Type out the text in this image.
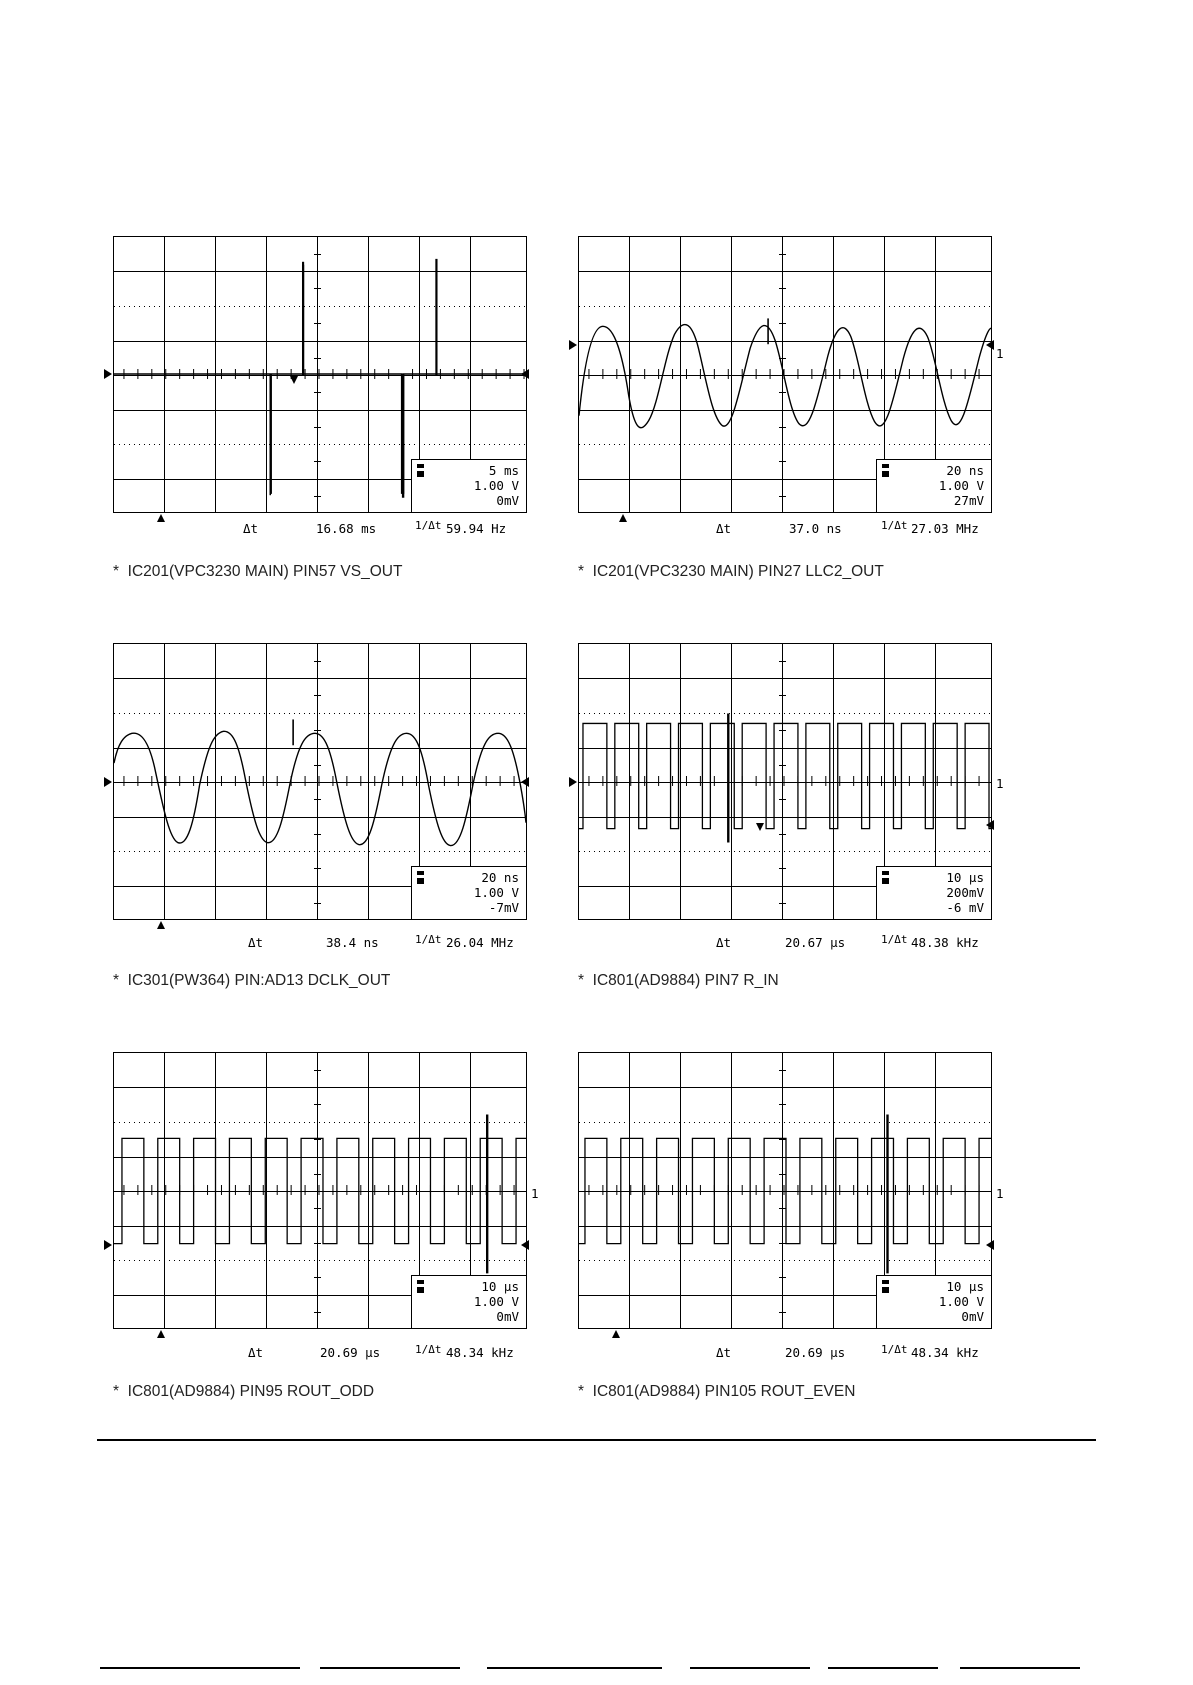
5 ms
1.00 V
0mV
Δt	16.68 ms	1/Δt 59.94 Hz
*  IC201(VPC3230 MAIN) PIN57 VS_OUT
20 ns
1.00 V
27mV
1
Δt	37.0 ns	1/Δt 27.03 MHz
*  IC201(VPC3230 MAIN) PIN27 LLC2_OUT
20 ns
1.00 V
-7mV
Δt	38.4 ns	1/Δt 26.04 MHz
*  IC301(PW364) PIN:AD13 DCLK_OUT
10 µs
200mV
-6 mV
1
Δt	20.67 µs	1/Δt 48.38 kHz
*  IC801(AD9884) PIN7 R_IN
10 µs
1.00 V
0mV
1
Δt	20.69 µs	1/Δt 48.34 kHz
*  IC801(AD9884) PIN95 ROUT_ODD
10 µs
1.00 V
0mV
1
Δt	20.69 µs	1/Δt 48.34 kHz
*  IC801(AD9884) PIN105 ROUT_EVEN
